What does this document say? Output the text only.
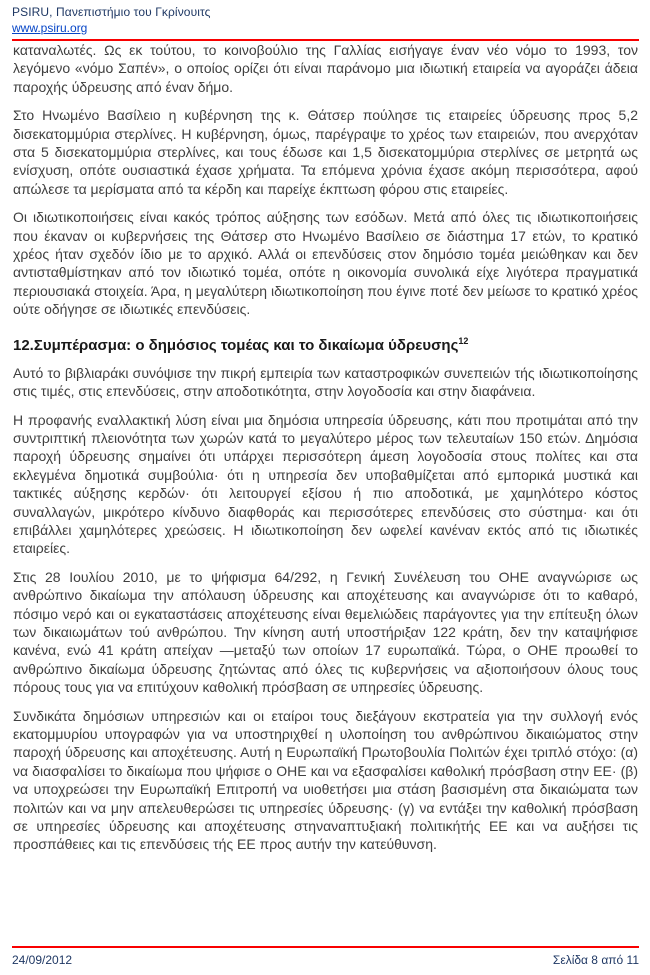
PSIRU, Πανεπιστήμιο του Γκρίνουιτς
www.psiru.org

καταναλωτές. Ως εκ τούτου, το κοινοβούλιο της Γαλλίας εισήγαγε έναν νέο νόμο το 1993, τον λεγόμενο «νόμο Σαπέν», ο οποίος ορίζει ότι είναι παράνομο μια ιδιωτική εταιρεία να αγοράζει άδεια παροχής ύδρευσης από έναν δήμο.

Στο Ηνωμένο Βασίλειο η κυβέρνηση της κ. Θάτσερ πούλησε τις εταιρείες ύδρευσης προς 5,2 δισεκατομμύρια στερλίνες. Η κυβέρνηση, όμως, παρέγραψε το χρέος των εταιρειών, που ανερχόταν στα 5 δισεκατομμύρια στερλίνες, και τους έδωσε και 1,5 δισεκατομμύρια στερλίνες σε μετρητά ως ενίσχυση, οπότε ουσιαστικά έχασε χρήματα. Τα επόμενα χρόνια έχασε ακόμη περισσότερα, αφού απώλεσε τα μερίσματα από τα κέρδη και παρείχε έκπτωση φόρου στις εταιρείες.

Οι ιδιωτικοποιήσεις είναι κακός τρόπος αύξησης των εσόδων. Μετά από όλες τις ιδιωτικοποιήσεις που έκαναν οι κυβερνήσεις της Θάτσερ στο Ηνωμένο Βασίλειο σε διάστημα 17 ετών, το κρατικό χρέος ήταν σχεδόν ίδιο με το αρχικό. Αλλά οι επενδύσεις στον δημόσιο τομέα μειώθηκαν και δεν αντισταθμίστηκαν από τον ιδιωτικό τομέα, οπότε η οικονομία συνολικά είχε λιγότερα πραγματικά περιουσιακά στοιχεία. Άρα, η μεγαλύτερη ιδιωτικοποίηση που έγινε ποτέ δεν μείωσε το κρατικό χρέος ούτε οδήγησε σε ιδιωτικές επενδύσεις.

12.Συμπέρασμα: ο δημόσιος τομέας και το δικαίωμα ύδρευσης$^{12}$

Αυτό το βιβλιαράκι συνόψισε την πικρή εμπειρία των καταστροφικών συνεπειών τής ιδιωτικοποίησης στις τιμές, στις επενδύσεις, στην αποδοτικότητα, στην λογοδοσία και στην διαφάνεια.

Η προφανής εναλλακτική λύση είναι μια δημόσια υπηρεσία ύδρευσης, κάτι που προτιμάται από την συντριπτική πλειονότητα των χωρών κατά το μεγαλύτερο μέρος των τελευταίων 150 ετών. Δημόσια παροχή ύδρευσης σημαίνει ότι υπάρχει περισσότερη άμεση λογοδοσία στους πολίτες και στα εκλεγμένα δημοτικά συμβούλια· ότι η υπηρεσία δεν υποβαθμίζεται από εμπορικά μυστικά και τακτικές αύξησης κερδών· ότι λειτουργεί εξίσου ή πιο αποδοτικά, με χαμηλότερο κόστος συναλλαγών, μικρότερο κίνδυνο διαφθοράς και περισσότερες επενδύσεις στο σύστημα· και ότι επιβάλλει χαμηλότερες χρεώσεις. Η ιδιωτικοποίηση δεν ωφελεί κανέναν εκτός από τις ιδιωτικές εταιρείες.

Στις 28 Ιουλίου 2010, με το ψήφισμα 64/292, η Γενική Συνέλευση του ΟΗΕ αναγνώρισε ως ανθρώπινο δικαίωμα την απόλαυση ύδρευσης και αποχέτευσης και αναγνώρισε ότι το καθαρό, πόσιμο νερό και οι εγκαταστάσεις αποχέτευσης είναι θεμελιώδεις παράγοντες για την επίτευξη όλων των δικαιωμάτων τού ανθρώπου. Την κίνηση αυτή υποστήριξαν 122 κράτη, δεν την καταψήφισε κανένα, ενώ 41 κράτη απείχαν —μεταξύ των οποίων 17 ευρωπαϊκά. Τώρα, ο ΟΗΕ προωθεί το ανθρώπινο δικαίωμα ύδρευσης ζητώντας από όλες τις κυβερνήσεις να αξιοποιήσουν όλους τους πόρους τους για να επιτύχουν καθολική πρόσβαση σε υπηρεσίες ύδρευσης.

Συνδικάτα δημόσιων υπηρεσιών και οι εταίροι τους διεξάγουν εκστρατεία για την συλλογή ενός εκατομμυρίου υπογραφών για να υποστηριχθεί η υλοποίηση του ανθρώπινου δικαιώματος στην παροχή ύδρευσης και αποχέτευσης. Αυτή η Ευρωπαϊκή Πρωτοβουλία Πολιτών έχει τριπλό στόχο: (α) να διασφαλίσει το δικαίωμα που ψήφισε ο ΟΗΕ και να εξασφαλίσει καθολική πρόσβαση στην ΕΕ· (β) να υποχρεώσει την Ευρωπαϊκή Επιτροπή να υιοθετήσει μια στάση βασισμένη στα δικαιώματα των πολιτών και να μην απελευθερώσει τις υπηρεσίες ύδρευσης· (γ) να εντάξει την καθολική πρόσβαση σε υπηρεσίες ύδρευσης και αποχέτευσης στηναναπτυξιακή πολιτικήτής ΕΕ και να αυξήσει τις προσπάθειες και τις επενδύσεις τής ΕΕ προς αυτήν την κατεύθυνση.

24/09/2012	Σελίδα 8 από 11
